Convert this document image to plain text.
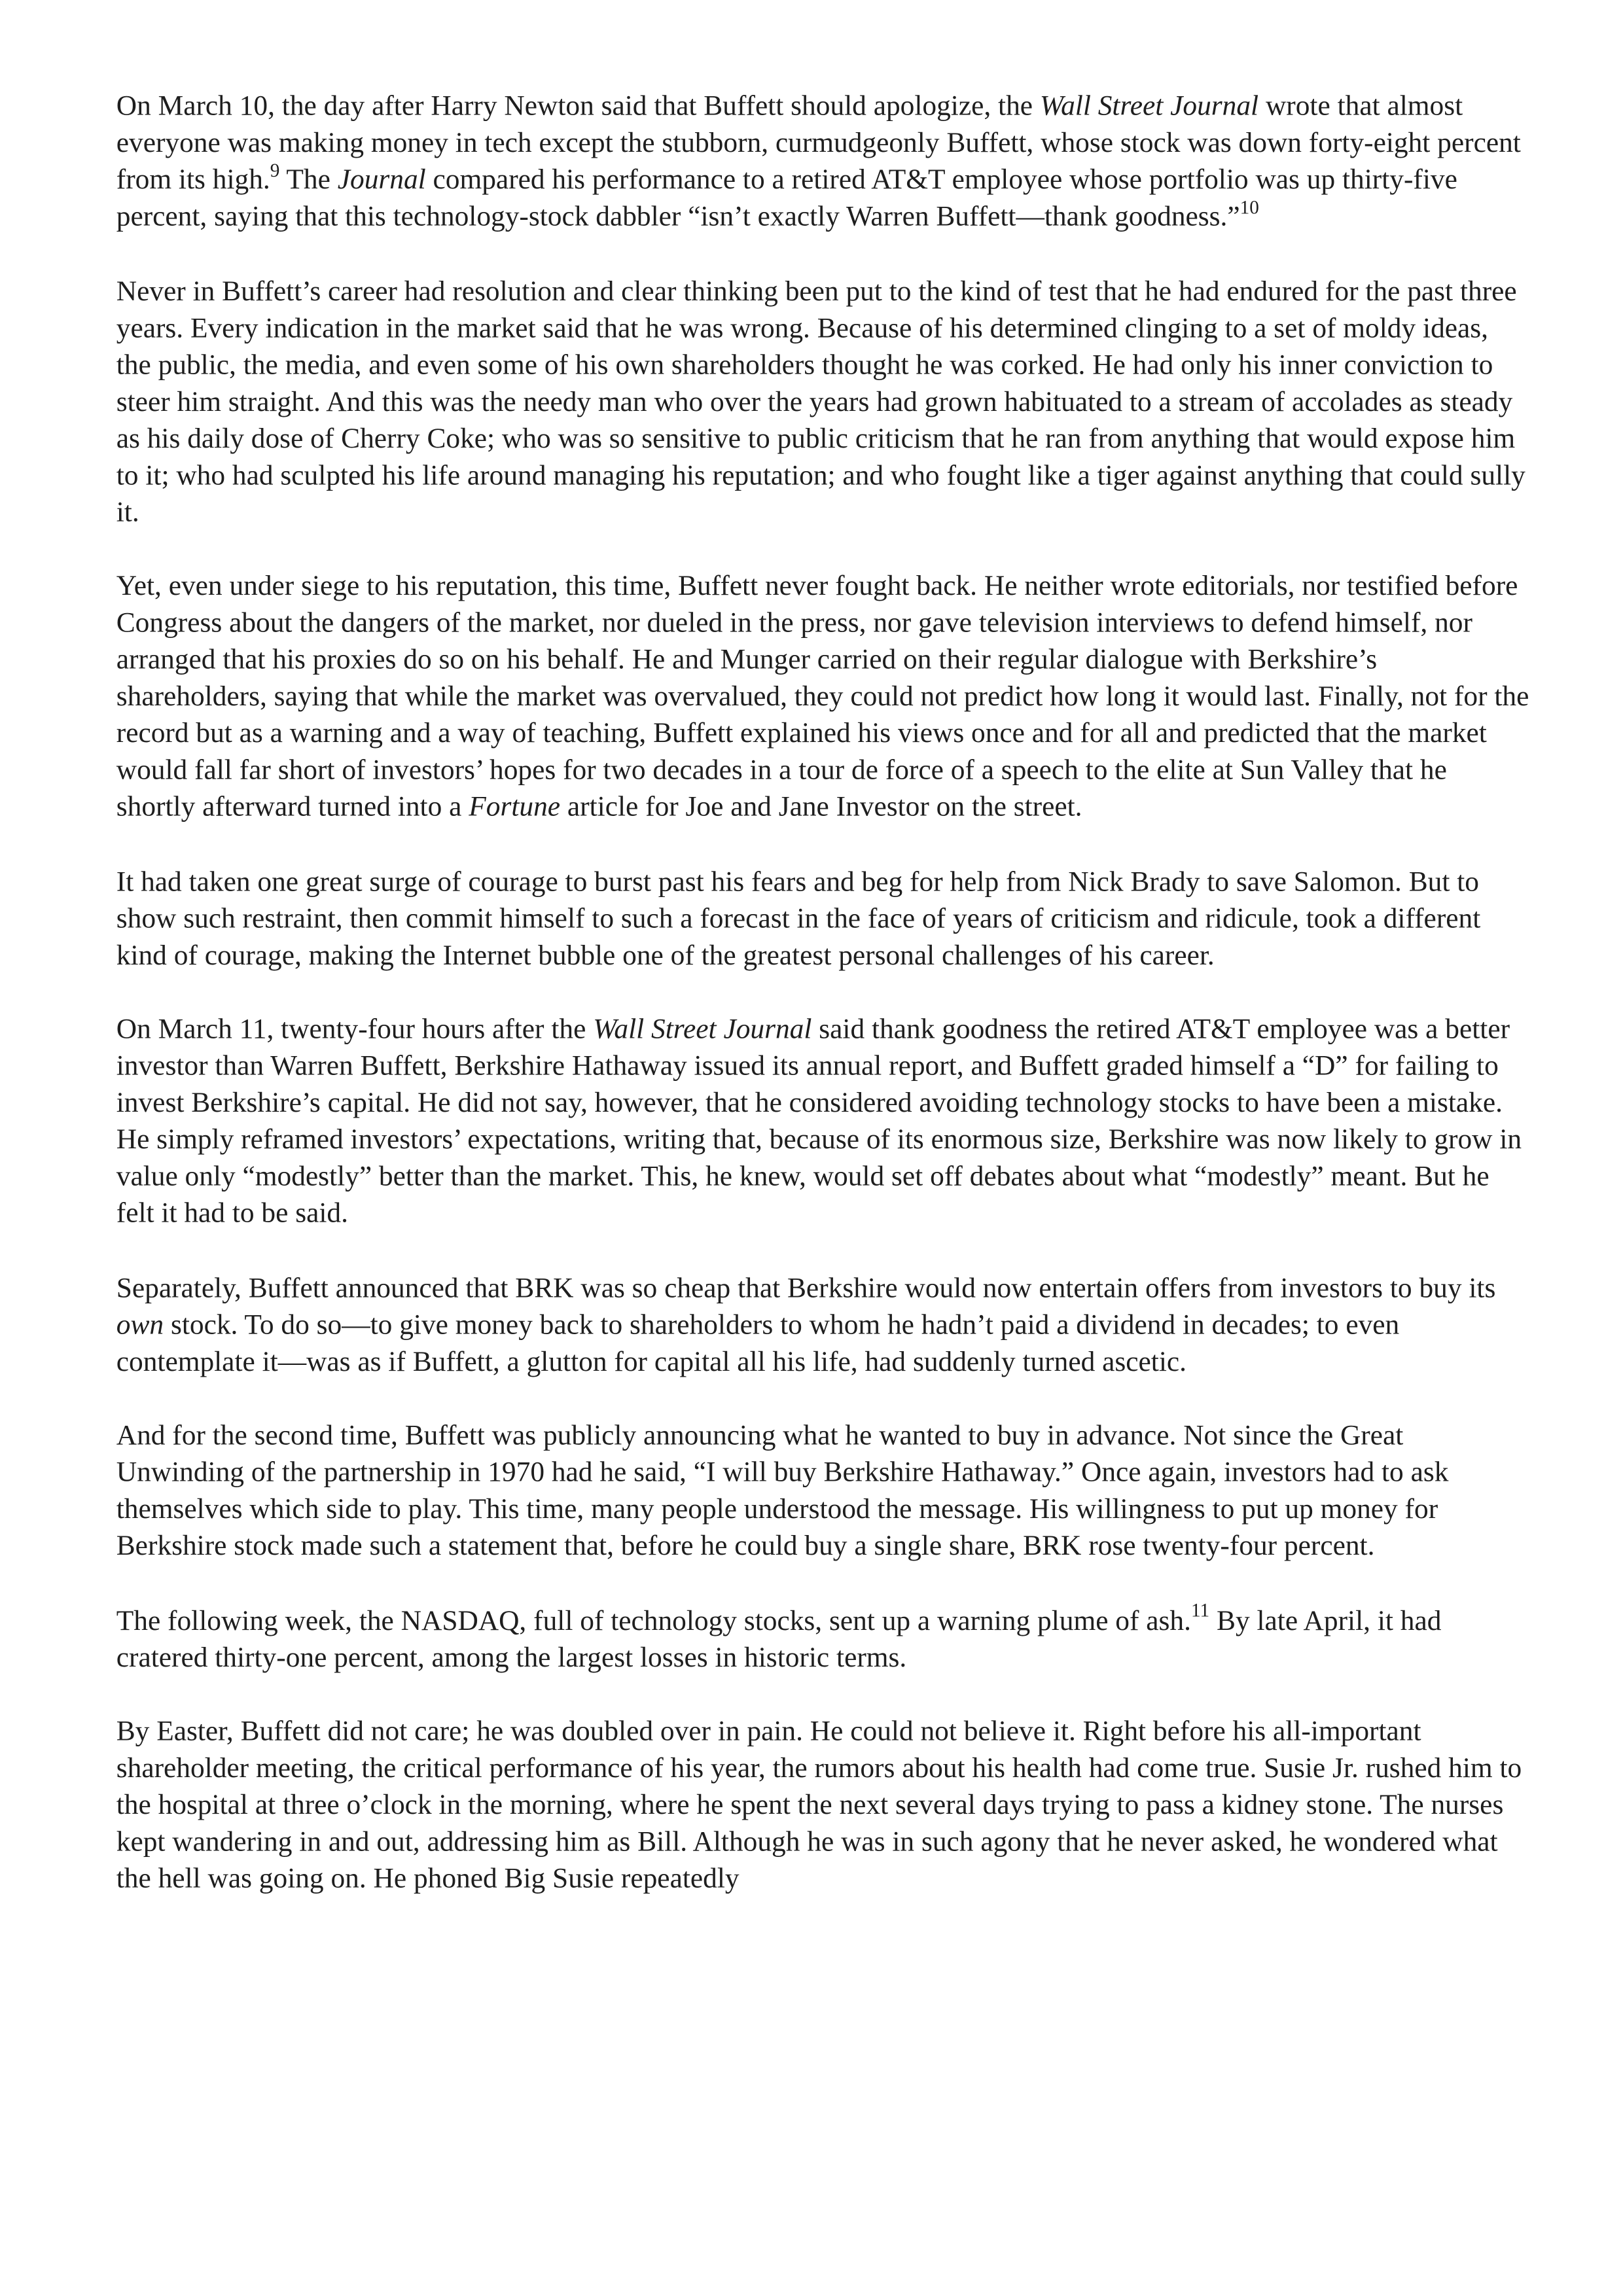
On March 10, the day after Harry Newton said that Buffett should apologize, the Wall Street Journal wrote that almost everyone was making money in tech except the stubborn, curmudgeonly Buffett, whose stock was down forty-eight percent from its high.$^9$ The Journal compared his performance to a retired AT&T employee whose portfolio was up thirty-five percent, saying that this technology-stock dabbler “isn’t exactly Warren Buffett—thank goodness.”$^{10}$

Never in Buffett’s career had resolution and clear thinking been put to the kind of test that he had endured for the past three years. Every indication in the market said that he was wrong. Because of his determined clinging to a set of moldy ideas, the public, the media, and even some of his own shareholders thought he was corked. He had only his inner conviction to steer him straight. And this was the needy man who over the years had grown habituated to a stream of accolades as steady as his daily dose of Cherry Coke; who was so sensitive to public criticism that he ran from anything that would expose him to it; who had sculpted his life around managing his reputation; and who fought like a tiger against anything that could sully it.

Yet, even under siege to his reputation, this time, Buffett never fought back. He neither wrote editorials, nor testified before Congress about the dangers of the market, nor dueled in the press, nor gave television interviews to defend himself, nor arranged that his proxies do so on his behalf. He and Munger carried on their regular dialogue with Berkshire’s shareholders, saying that while the market was overvalued, they could not predict how long it would last. Finally, not for the record but as a warning and a way of teaching, Buffett explained his views once and for all and predicted that the market would fall far short of investors’ hopes for two decades in a tour de force of a speech to the elite at Sun Valley that he shortly afterward turned into a Fortune article for Joe and Jane Investor on the street.

It had taken one great surge of courage to burst past his fears and beg for help from Nick Brady to save Salomon. But to show such restraint, then commit himself to such a forecast in the face of years of criticism and ridicule, took a different kind of courage, making the Internet bubble one of the greatest personal challenges of his career.

On March 11, twenty-four hours after the Wall Street Journal said thank goodness the retired AT&T employee was a better investor than Warren Buffett, Berkshire Hathaway issued its annual report, and Buffett graded himself a “D” for failing to invest Berkshire’s capital. He did not say, however, that he considered avoiding technology stocks to have been a mistake. He simply reframed investors’ expectations, writing that, because of its enormous size, Berkshire was now likely to grow in value only “modestly” better than the market. This, he knew, would set off debates about what “modestly” meant. But he felt it had to be said.

Separately, Buffett announced that BRK was so cheap that Berkshire would now entertain offers from investors to buy its own stock. To do so—to give money back to shareholders to whom he hadn’t paid a dividend in decades; to even contemplate it—was as if Buffett, a glutton for capital all his life, had suddenly turned ascetic.

And for the second time, Buffett was publicly announcing what he wanted to buy in advance. Not since the Great Unwinding of the partnership in 1970 had he said, “I will buy Berkshire Hathaway.” Once again, investors had to ask themselves which side to play. This time, many people understood the message. His willingness to put up money for Berkshire stock made such a statement that, before he could buy a single share, BRK rose twenty-four percent.

The following week, the NASDAQ, full of technology stocks, sent up a warning plume of ash.$^{11}$ By late April, it had cratered thirty-one percent, among the largest losses in historic terms.

By Easter, Buffett did not care; he was doubled over in pain. He could not believe it. Right before his all-important shareholder meeting, the critical performance of his year, the rumors about his health had come true. Susie Jr. rushed him to the hospital at three o’clock in the morning, where he spent the next several days trying to pass a kidney stone. The nurses kept wandering in and out, addressing him as Bill. Although he was in such agony that he never asked, he wondered what the hell was going on. He phoned Big Susie repeatedly
